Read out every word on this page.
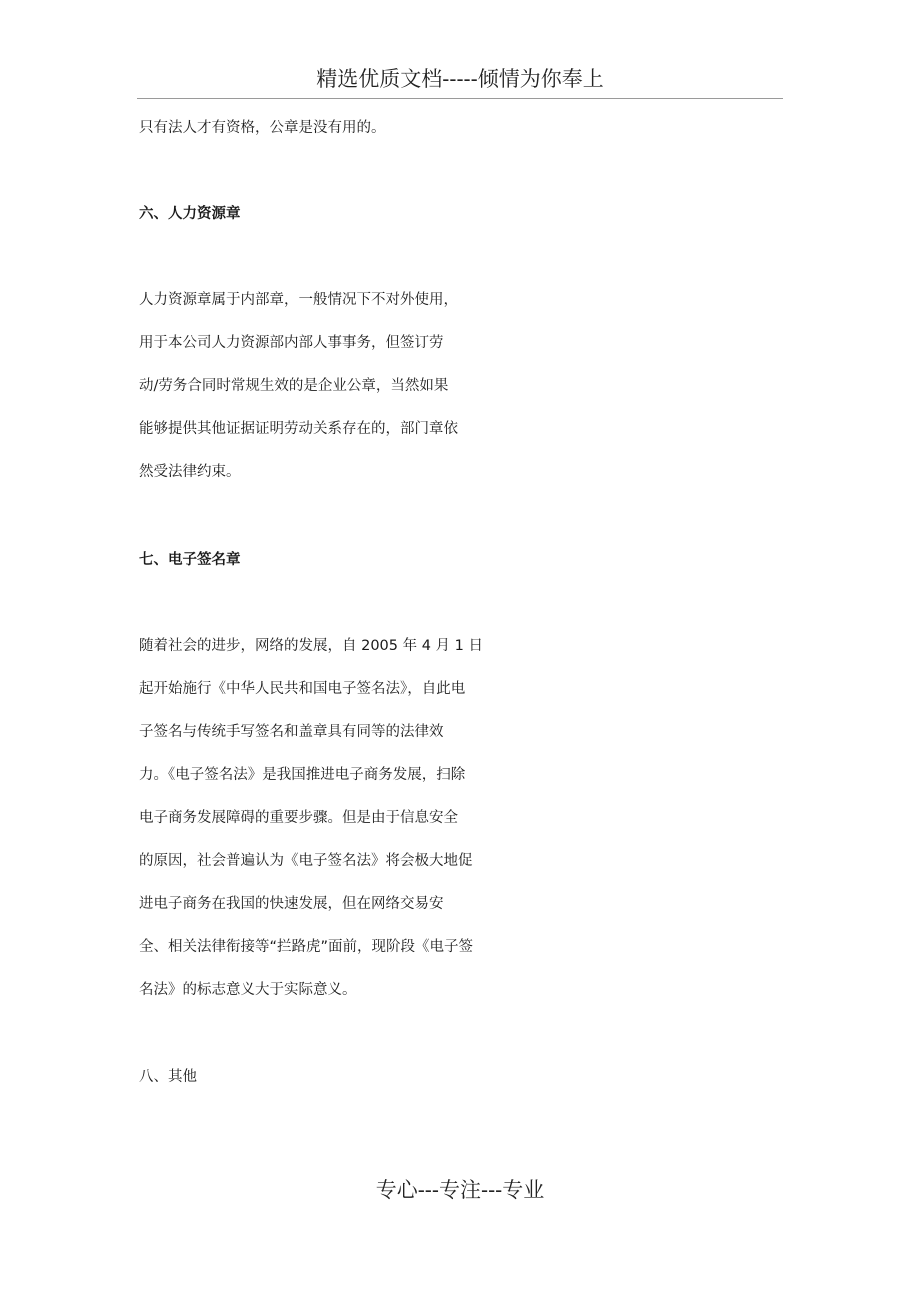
精选优质文档-----倾情为你奉上
只有法人才有资格，公章是没有用的。
六、人力资源章
人力资源章属于内部章，一般情况下不对外使用，
用于本公司人力资源部内部人事事务，但签订劳
动/劳务合同时常规生效的是企业公章，当然如果
能够提供其他证据证明劳动关系存在的，部门章依
然受法律约束。
七、电子签名章
随着社会的进步，网络的发展，自 2005 年 4 月 1 日
起开始施行《中华人民共和国电子签名法》，自此电
子签名与传统手写签名和盖章具有同等的法律效
力。《电子签名法》是我国推进电子商务发展，扫除
电子商务发展障碍的重要步骤。但是由于信息安全
的原因，社会普遍认为《电子签名法》将会极大地促
进电子商务在我国的快速发展，但在网络交易安
全、相关法律衔接等“拦路虎”面前，现阶段《电子签
名法》的标志意义大于实际意义。
八、其他
专心---专注---专业
